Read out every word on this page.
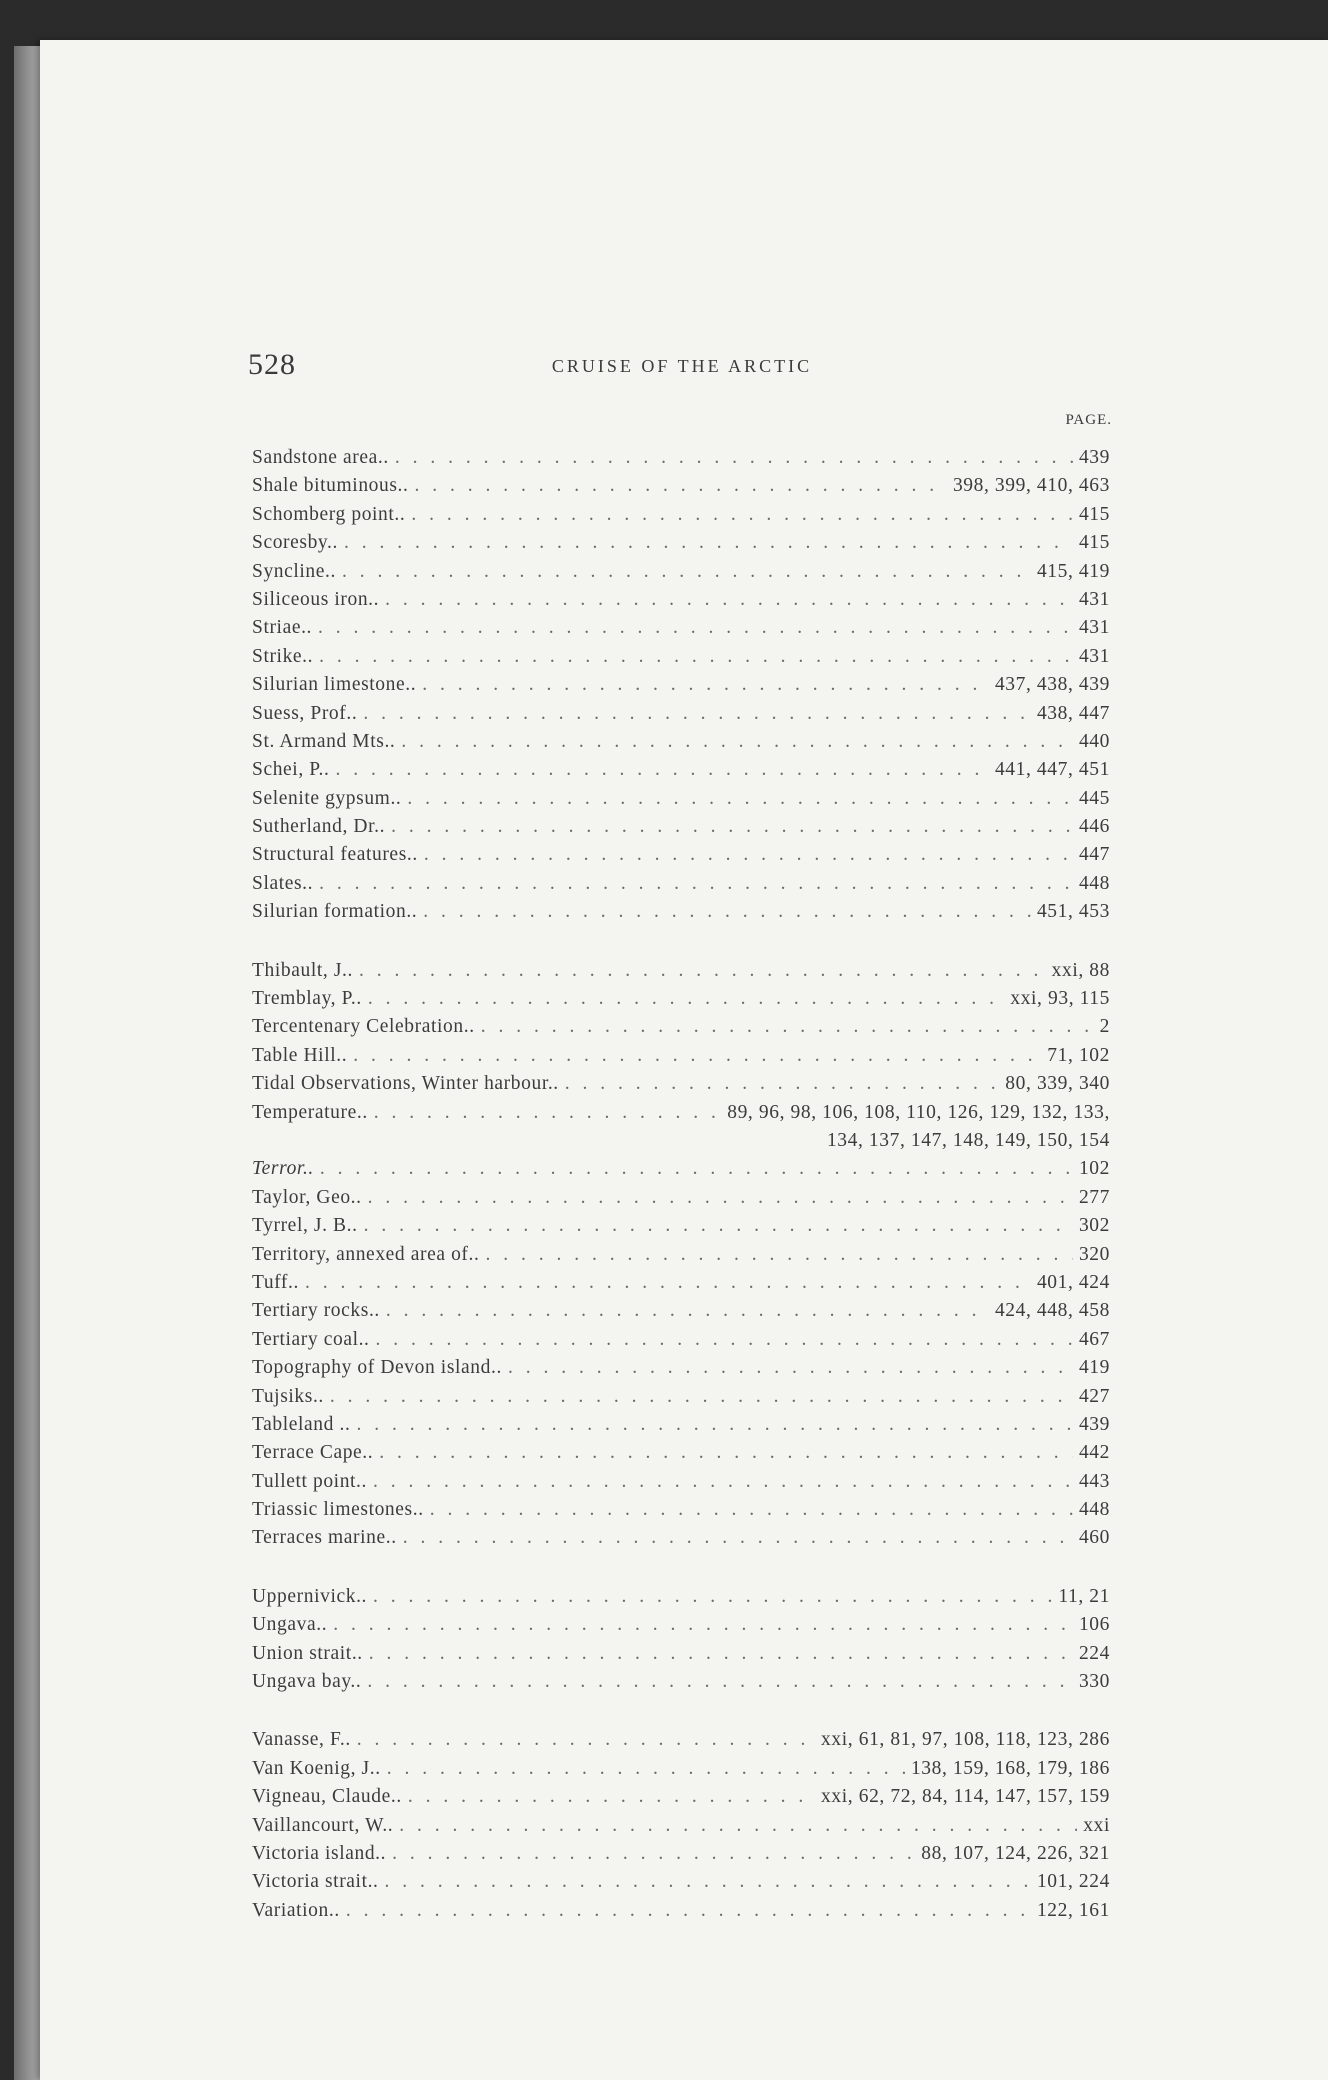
528	CRUISE OF THE ARCTIC
PAGE.
Sandstone area.. . . .	439
Shale bituminous.. . . .	398, 399, 410, 463
Schomberg point.. . . .	415
Scoresby.. . . .	415
Syncline.. . . .	415, 419
Siliceous iron.. . . .	431
Striae.. . . .	431
Strike.. . . .	431
Silurian limestone.. . . .	437, 438, 439
Suess, Prof.. . . .	438, 447
St. Armand Mts.. . . .	440
Schei, P.. . . .	441, 447, 451
Selenite gypsum.. . . .	445
Sutherland, Dr.. . . .	446
Structural features.. . . .	447
Slates.. . . .	448
Silurian formation.. . . .	451, 453
Thibault, J.. . . .	xxi, 88
Tremblay, P.. . . .	xxi, 93, 115
Tercentenary Celebration.. . . .	2
Table Hill.. . . .	71, 102
Tidal Observations, Winter harbour.. . . .	80, 339, 340
Temperature.. . . .	89, 96, 98, 106, 108, 110, 126, 129, 132, 133,
134, 137, 147, 148, 149, 150, 154
Terror.. . . .	102
Taylor, Geo.. . . .	277
Tyrrel, J. B.. . . .	302
Territory, annexed area of.. . . .	320
Tuff.. . . .	401, 424
Tertiary rocks.. . . .	424, 448, 458
Tertiary coal.. . . .	467
Topography of Devon island.. . . .	419
Tujsiks.. . . .	427
Tableland .. . . .	439
Terrace Cape.. . . .	442
Tullett point.. . . .	443
Triassic limestones.. . . .	448
Terraces marine.. . . .	460
Uppernivick.. . . .	11, 21
Ungava.. . . .	106
Union strait.. . . .	224
Ungava bay.. . . .	330
Vanasse, F.. . . .	xxi, 61, 81, 97, 108, 118, 123, 286
Van Koenig, J.. . . .	138, 159, 168, 179, 186
Vigneau, Claude.. . . .	xxi, 62, 72, 84, 114, 147, 157, 159
Vaillancourt, W.. . . .	xxi
Victoria island.. . . .	88, 107, 124, 226, 321
Victoria strait.. . . .	101, 224
Variation.. . . .	122, 161
